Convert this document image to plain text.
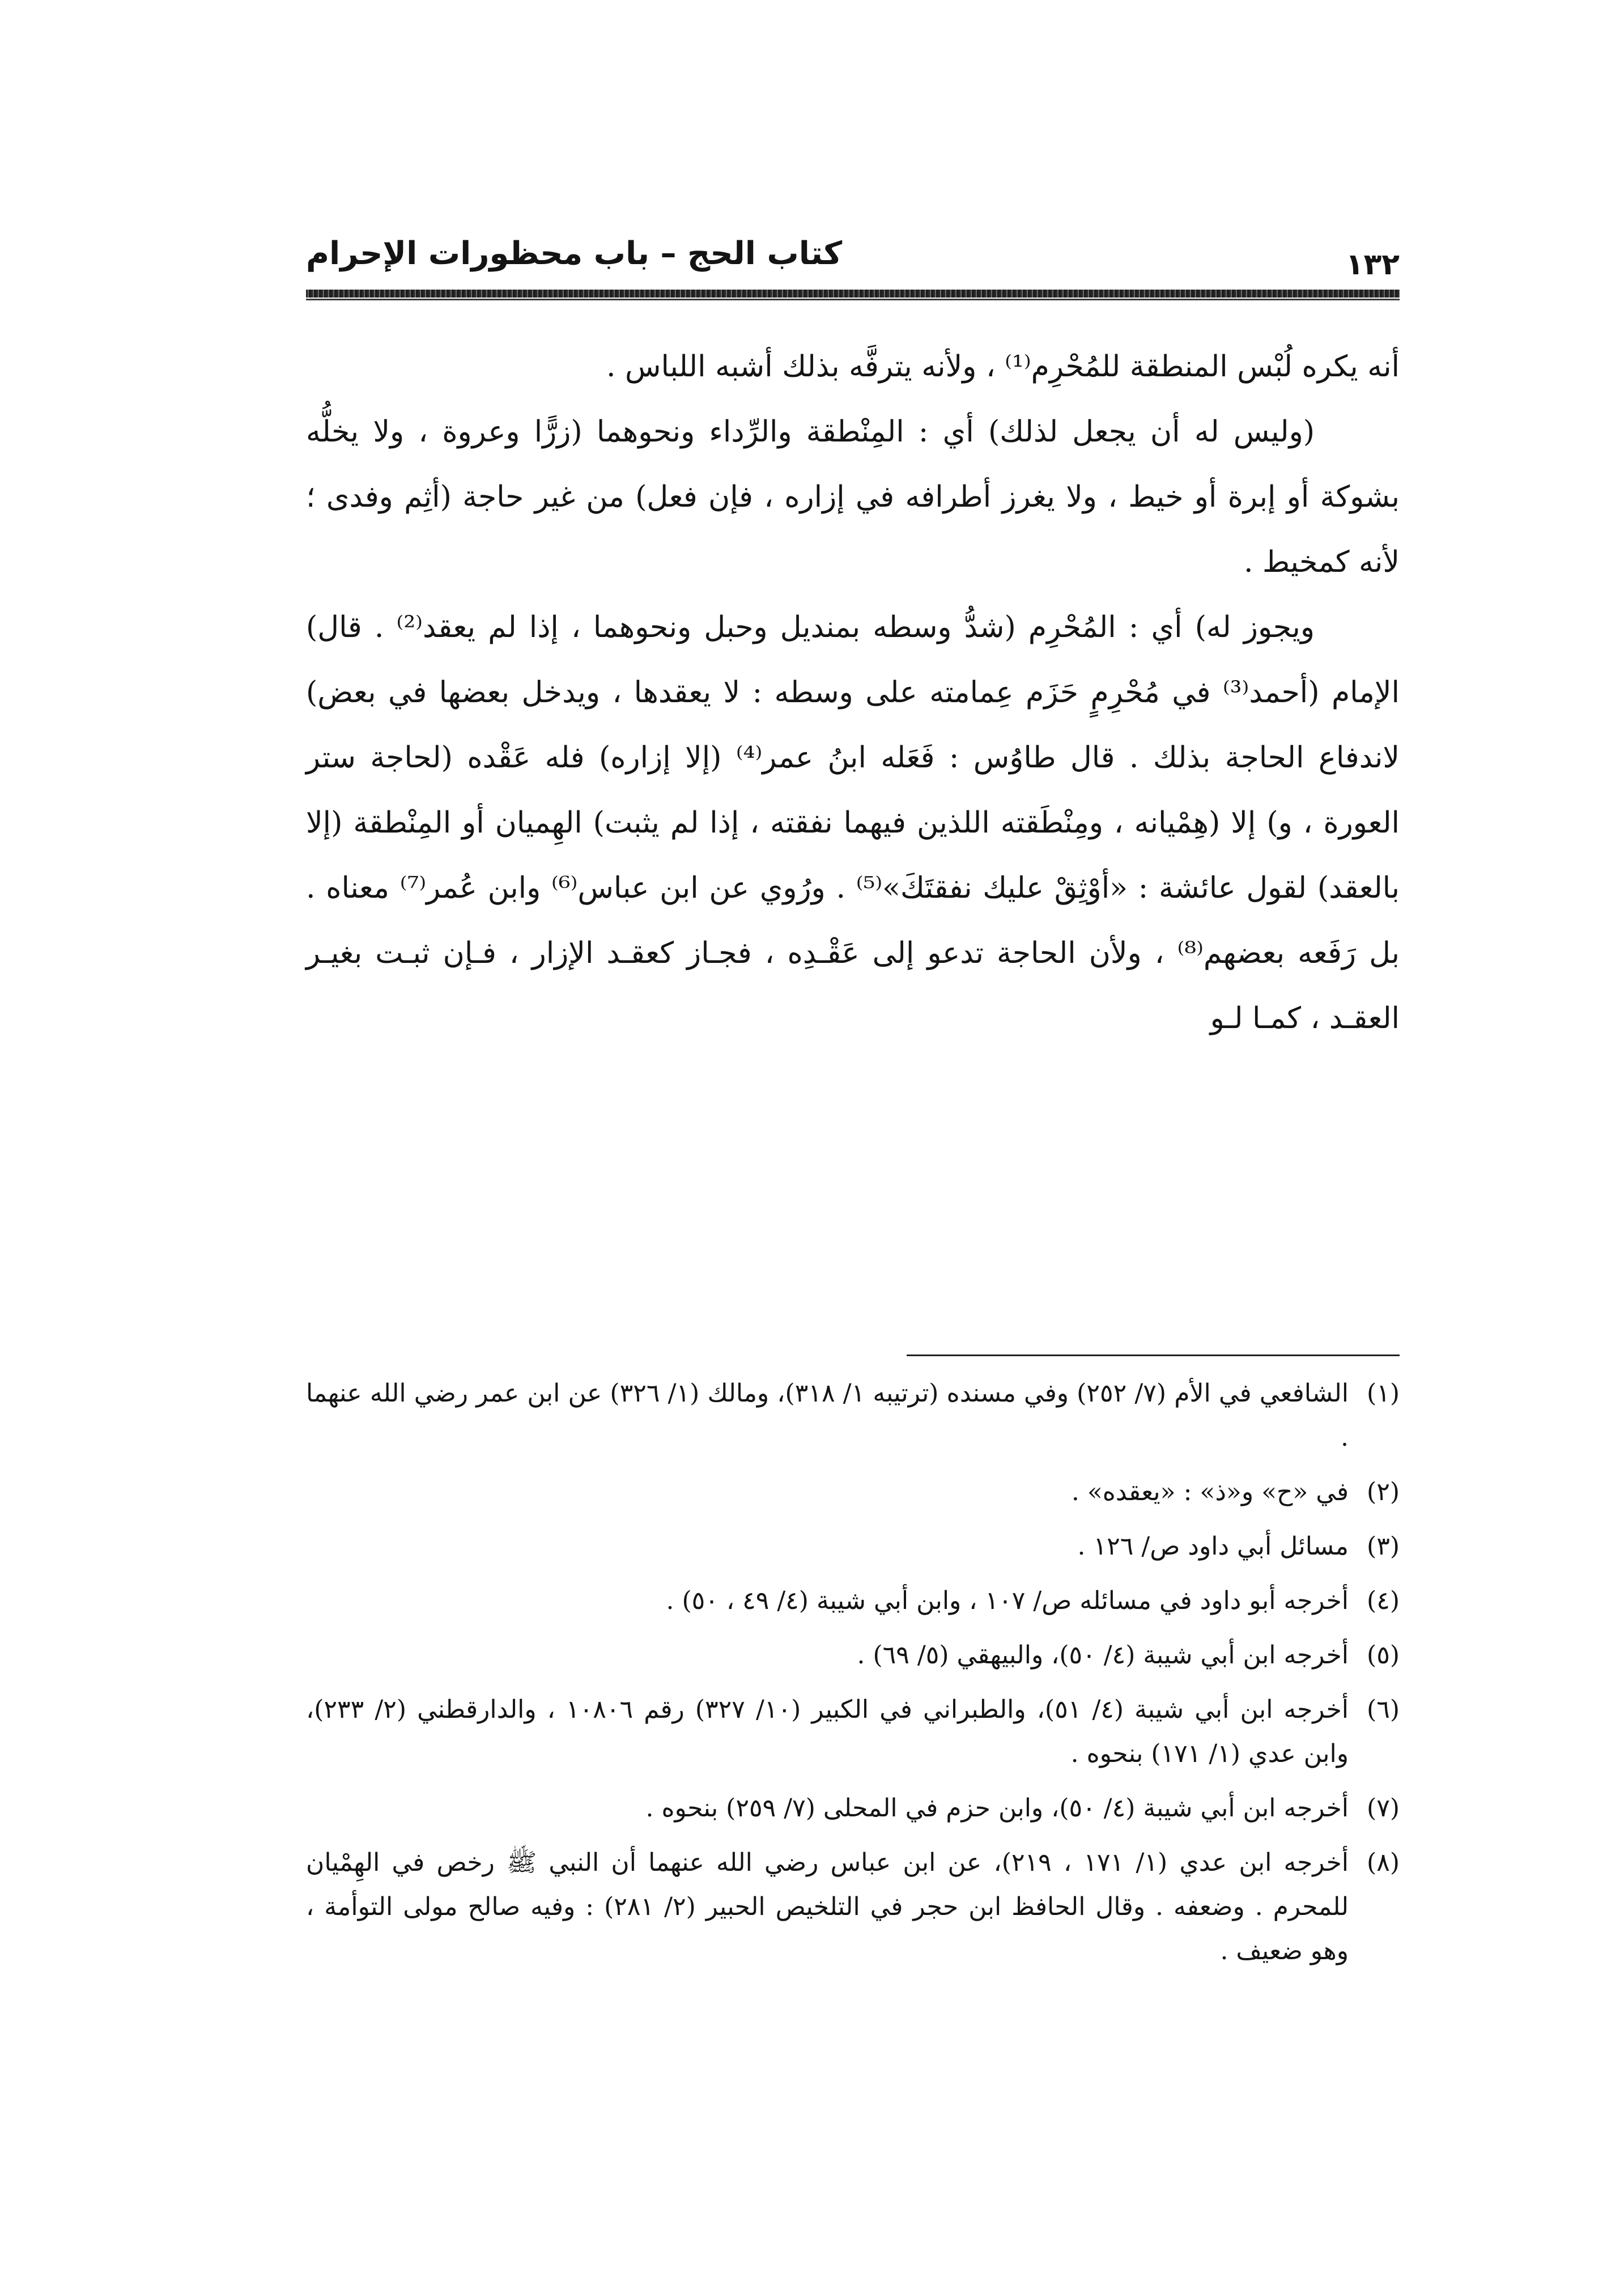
كتاب الحج – باب محظورات الإحرام	١٣٢

أنه يكره لُبْس المنطقة للمُحْرِم⁽¹⁾ ، ولأنه يترفَّه بذلك أشبه اللباس .

(وليس له أن يجعل لذلك) أي : المِنْطقة والرِّداء ونحوهما (زرًّا وعروة ، ولا يخلُّه بشوكة أو إبرة أو خيط ، ولا يغرز أطرافه في إزاره ، فإن فعل) من غير حاجة (أثِم وفدى ؛ لأنه كمخيط .

ويجوز له) أي : المُحْرِم (شدُّ وسطه بمنديل وحبل ونحوهما ، إذا لم يعقد⁽²⁾ . قال) الإمام (أحمد⁽³⁾ في مُحْرِمٍ حَزَم عِمامته على وسطه : لا يعقدها ، ويدخل بعضها في بعض) لاندفاع الحاجة بذلك . قال طاوُس : فَعَله ابنُ عمر⁽⁴⁾ (إلا إزاره) فله عَقْده (لحاجة ستر العورة ، و) إلا (هِمْيانه ، ومِنْطَقته اللذين فيهما نفقته ، إذا لم يثبت) الهِميان أو المِنْطقة (إلا بالعقد) لقول عائشة : «أوْثِقْ عليك نفقتَكَ»⁽⁵⁾ . ورُوي عن ابن عباس⁽⁶⁾ وابن عُمر⁽⁷⁾ معناه . بل رَفَعه بعضهم⁽⁸⁾ ، ولأن الحاجة تدعو إلى عَقْـدِه ، فجـاز كعقـد الإزار ، فـإن ثبـت بغيـر العقـد ، كمـا لـو

(١)
الشافعي في الأم (٧/ ٢٥٢) وفي مسنده (ترتيبه ١/ ٣١٨)، ومالك (١/ ٣٢٦) عن ابن عمر رضي الله عنهما .
(٢)
في «ح» و«ذ» : «يعقده» .
(٣)
مسائل أبي داود ص/ ١٢٦ .
(٤)
أخرجه أبو داود في مسائله ص/ ١٠٧ ، وابن أبي شيبة (٤/ ٤٩ ، ٥٠) .
(٥)
أخرجه ابن أبي شيبة (٤/ ٥٠)، والبيهقي (٥/ ٦٩) .
(٦)
أخرجه ابن أبي شيبة (٤/ ٥١)، والطبراني في الكبير (١٠/ ٣٢٧) رقم ١٠٨٠٦ ، والدارقطني (٢/ ٢٣٣)، وابن عدي (١/ ١٧١) بنحوه .
(٧)
أخرجه ابن أبي شيبة (٤/ ٥٠)، وابن حزم في المحلى (٧/ ٢٥٩) بنحوه .
(٨)
أخرجه ابن عدي (١/ ١٧١ ، ٢١٩)، عن ابن عباس رضي الله عنهما أن النبي ﷺ رخص في الهِمْيان للمحرم . وضعفه . وقال الحافظ ابن حجر في التلخيص الحبير (٢/ ٢٨١) : وفيه صالح مولى التوأمة ، وهو ضعيف .
